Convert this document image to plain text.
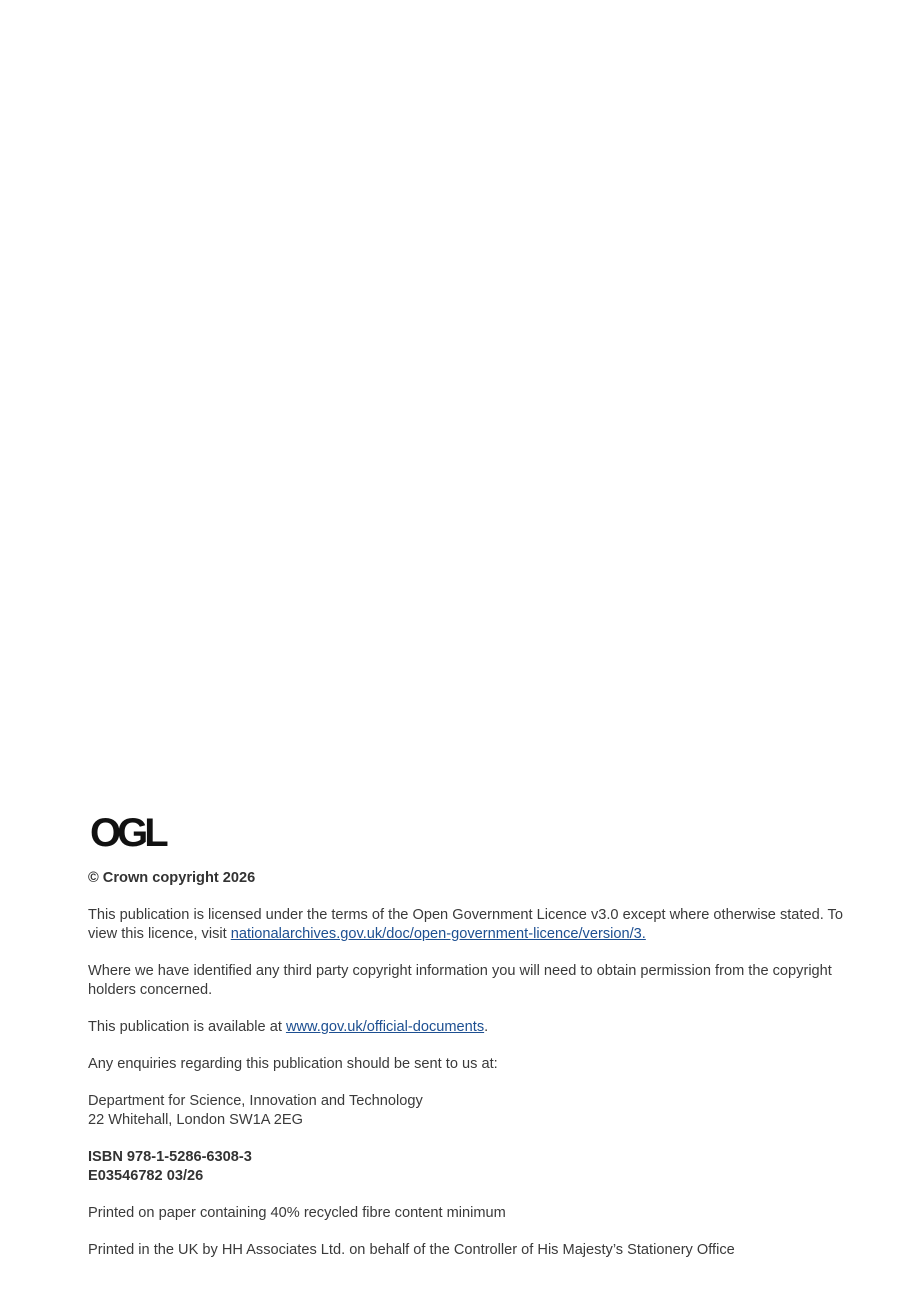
OGL

© Crown copyright 2026

This publication is licensed under the terms of the Open Government Licence v3.0 except where otherwise stated. To view this licence, visit nationalarchives.gov.uk/doc/open-government-licence/version/3.

Where we have identified any third party copyright information you will need to obtain permission from the copyright holders concerned.

This publication is available at www.gov.uk/official-documents.

Any enquiries regarding this publication should be sent to us at:

Department for Science, Innovation and Technology
22 Whitehall, London SW1A 2EG
ISBN 978-1-5286-6308-3
E03546782 03/26

Printed on paper containing 40% recycled fibre content minimum

Printed in the UK by HH Associates Ltd. on behalf of the Controller of His Majesty’s Stationery Office
